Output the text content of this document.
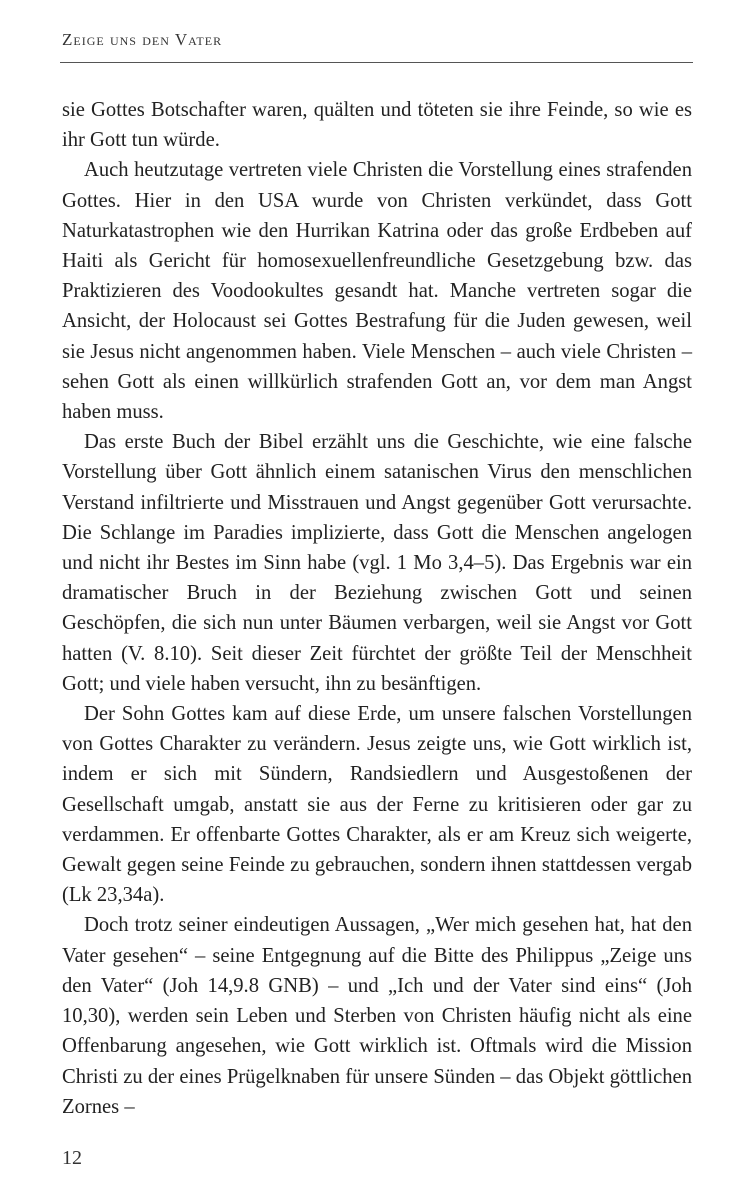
Zeige uns den Vater

sie Gottes Botschafter waren, quälten und töteten sie ihre Feinde, so wie es ihr Gott tun würde.

Auch heutzutage vertreten viele Christen die Vorstellung eines strafenden Gottes. Hier in den USA wurde von Christen verkündet, dass Gott Naturkatastrophen wie den Hurrikan Katrina oder das große Erdbeben auf Haiti als Gericht für homosexuellenfreundliche Gesetzgebung bzw. das Praktizieren des Voodookultes gesandt hat. Manche vertreten sogar die Ansicht, der Holocaust sei Gottes Bestrafung für die Juden gewesen, weil sie Jesus nicht angenommen haben. Viele Menschen – auch viele Christen – sehen Gott als einen willkürlich strafenden Gott an, vor dem man Angst haben muss.

Das erste Buch der Bibel erzählt uns die Geschichte, wie eine falsche Vorstellung über Gott ähnlich einem satanischen Virus den menschlichen Verstand infiltrierte und Misstrauen und Angst gegenüber Gott verursachte. Die Schlange im Paradies implizierte, dass Gott die Menschen angelogen und nicht ihr Bestes im Sinn habe (vgl. 1 Mo 3,4–5). Das Ergebnis war ein dramatischer Bruch in der Beziehung zwischen Gott und seinen Geschöpfen, die sich nun unter Bäumen verbargen, weil sie Angst vor Gott hatten (V. 8.10). Seit dieser Zeit fürchtet der größte Teil der Menschheit Gott; und viele haben versucht, ihn zu besänftigen.

Der Sohn Gottes kam auf diese Erde, um unsere falschen Vorstellungen von Gottes Charakter zu verändern. Jesus zeigte uns, wie Gott wirklich ist, indem er sich mit Sündern, Randsiedlern und Ausgestoßenen der Gesellschaft umgab, anstatt sie aus der Ferne zu kritisieren oder gar zu verdammen. Er offenbarte Gottes Charakter, als er am Kreuz sich weigerte, Gewalt gegen seine Feinde zu gebrauchen, sondern ihnen stattdessen vergab (Lk 23,34a).

Doch trotz seiner eindeutigen Aussagen, „Wer mich gesehen hat, hat den Vater gesehen“ – seine Entgegnung auf die Bitte des Philippus „Zeige uns den Vater“ (Joh 14,9.8 GNB) – und „Ich und der Vater sind eins“ (Joh 10,30), werden sein Leben und Sterben von Christen häufig nicht als eine Offenbarung angesehen, wie Gott wirklich ist. Oftmals wird die Mission Christi zu der eines Prügelknaben für unsere Sünden – das Objekt göttlichen Zornes –

12
